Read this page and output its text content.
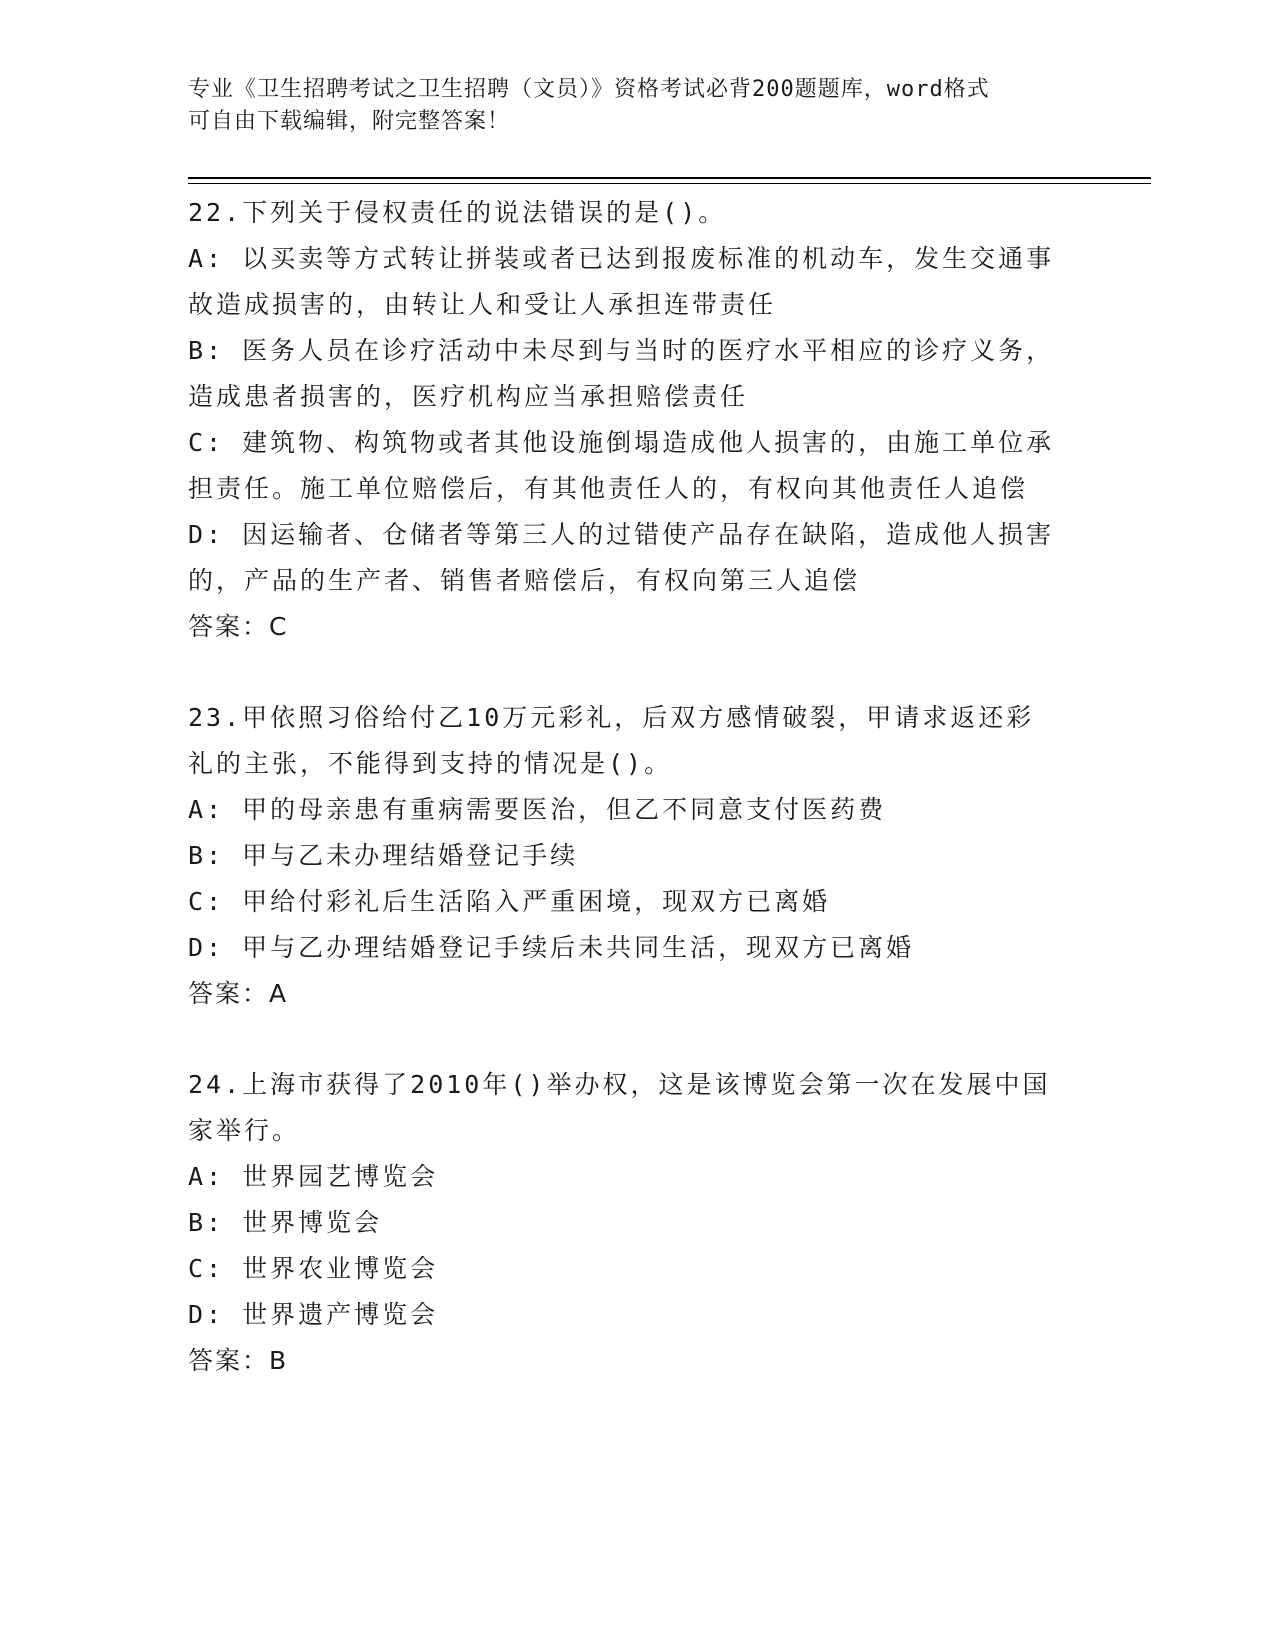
专业《卫生招聘考试之卫生招聘（文员）》资格考试必背200题题库，word格式
可自由下载编辑，附完整答案！
22.下列关于侵权责任的说法错误的是()。
A: 以买卖等方式转让拼装或者已达到报废标准的机动车，发生交通事
故造成损害的，由转让人和受让人承担连带责任
B: 医务人员在诊疗活动中未尽到与当时的医疗水平相应的诊疗义务，
造成患者损害的，医疗机构应当承担赔偿责任
C: 建筑物、构筑物或者其他设施倒塌造成他人损害的，由施工单位承
担责任。施工单位赔偿后，有其他责任人的，有权向其他责任人追偿
D: 因运输者、仓储者等第三人的过错使产品存在缺陷，造成他人损害
的，产品的生产者、销售者赔偿后，有权向第三人追偿
答案：C
23.甲依照习俗给付乙10万元彩礼，后双方感情破裂，甲请求返还彩
礼的主张，不能得到支持的情况是()。
A: 甲的母亲患有重病需要医治，但乙不同意支付医药费
B: 甲与乙未办理结婚登记手续
C: 甲给付彩礼后生活陷入严重困境，现双方已离婚
D: 甲与乙办理结婚登记手续后未共同生活，现双方已离婚
答案：A
24.上海市获得了2010年()举办权，这是该博览会第一次在发展中国
家举行。
A: 世界园艺博览会
B: 世界博览会
C: 世界农业博览会
D: 世界遗产博览会
答案：B
